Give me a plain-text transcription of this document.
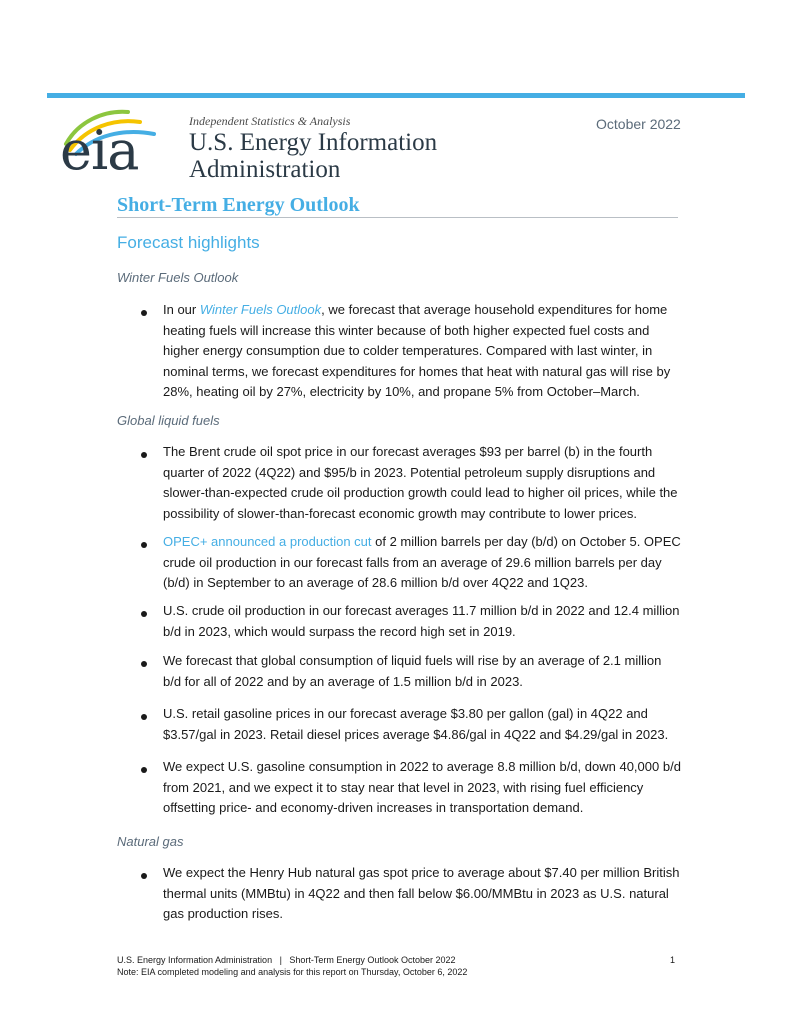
eia	Independent Statistics & Analysis
U.S. Energy Information
Administration
October 2022
Short-Term Energy Outlook
Forecast highlights
Winter Fuels Outlook
In our Winter Fuels Outlook, we forecast that average household expenditures for home heating fuels will increase this winter because of both higher expected fuel costs and higher energy consumption due to colder temperatures. Compared with last winter, in nominal terms, we forecast expenditures for homes that heat with natural gas will rise by 28%, heating oil by 27%, electricity by 10%, and propane 5% from October–March.
Global liquid fuels
The Brent crude oil spot price in our forecast averages $93 per barrel (b) in the fourth quarter of 2022 (4Q22) and $95/b in 2023. Potential petroleum supply disruptions and slower-than-expected crude oil production growth could lead to higher oil prices, while the possibility of slower-than-forecast economic growth may contribute to lower prices.
OPEC+ announced a production cut of 2 million barrels per day (b/d) on October 5. OPEC crude oil production in our forecast falls from an average of 29.6 million barrels per day (b/d) in September to an average of 28.6 million b/d over 4Q22 and 1Q23.
U.S. crude oil production in our forecast averages 11.7 million b/d in 2022 and 12.4 million b/d in 2023, which would surpass the record high set in 2019.
We forecast that global consumption of liquid fuels will rise by an average of 2.1 million b/d for all of 2022 and by an average of 1.5 million b/d in 2023.
U.S. retail gasoline prices in our forecast average $3.80 per gallon (gal) in 4Q22 and $3.57/gal in 2023. Retail diesel prices average $4.86/gal in 4Q22 and $4.29/gal in 2023.
We expect U.S. gasoline consumption in 2022 to average 8.8 million b/d, down 40,000 b/d from 2021, and we expect it to stay near that level in 2023, with rising fuel efficiency offsetting price- and economy-driven increases in transportation demand.
Natural gas
We expect the Henry Hub natural gas spot price to average about $7.40 per million British thermal units (MMBtu) in 4Q22 and then fall below $6.00/MMBtu in 2023 as U.S. natural gas production rises.
U.S. Energy Information Administration   |   Short-Term Energy Outlook October 2022	1
Note: EIA completed modeling and analysis for this report on Thursday, October 6, 2022
